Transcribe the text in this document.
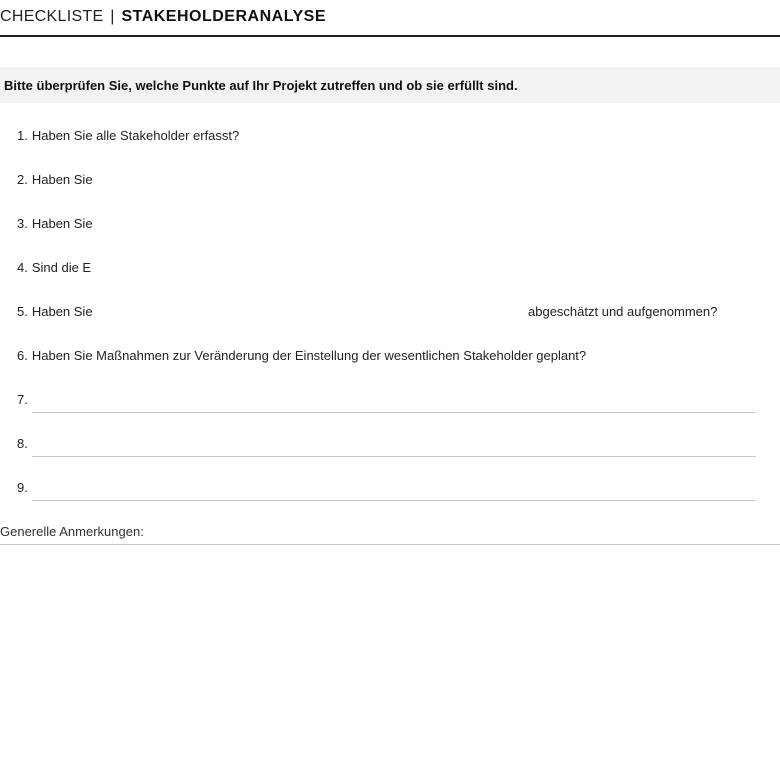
CHECKLISTE | STAKEHOLDERANALYSE
Bitte überprüfen Sie, welche Punkte auf Ihr Projekt zutreffen und ob sie erfüllt sind.
1. Haben Sie alle Stakeholder erfasst?
2. Haben Sie
3. Haben Sie
4. Sind die E
5. Haben Sie	abgeschätzt und aufgenommen?
6. Haben Sie Maßnahmen zur Veränderung der Einstellung der wesentlichen Stakeholder geplant?
7.
8.
9.
Generelle Anmerkungen:
